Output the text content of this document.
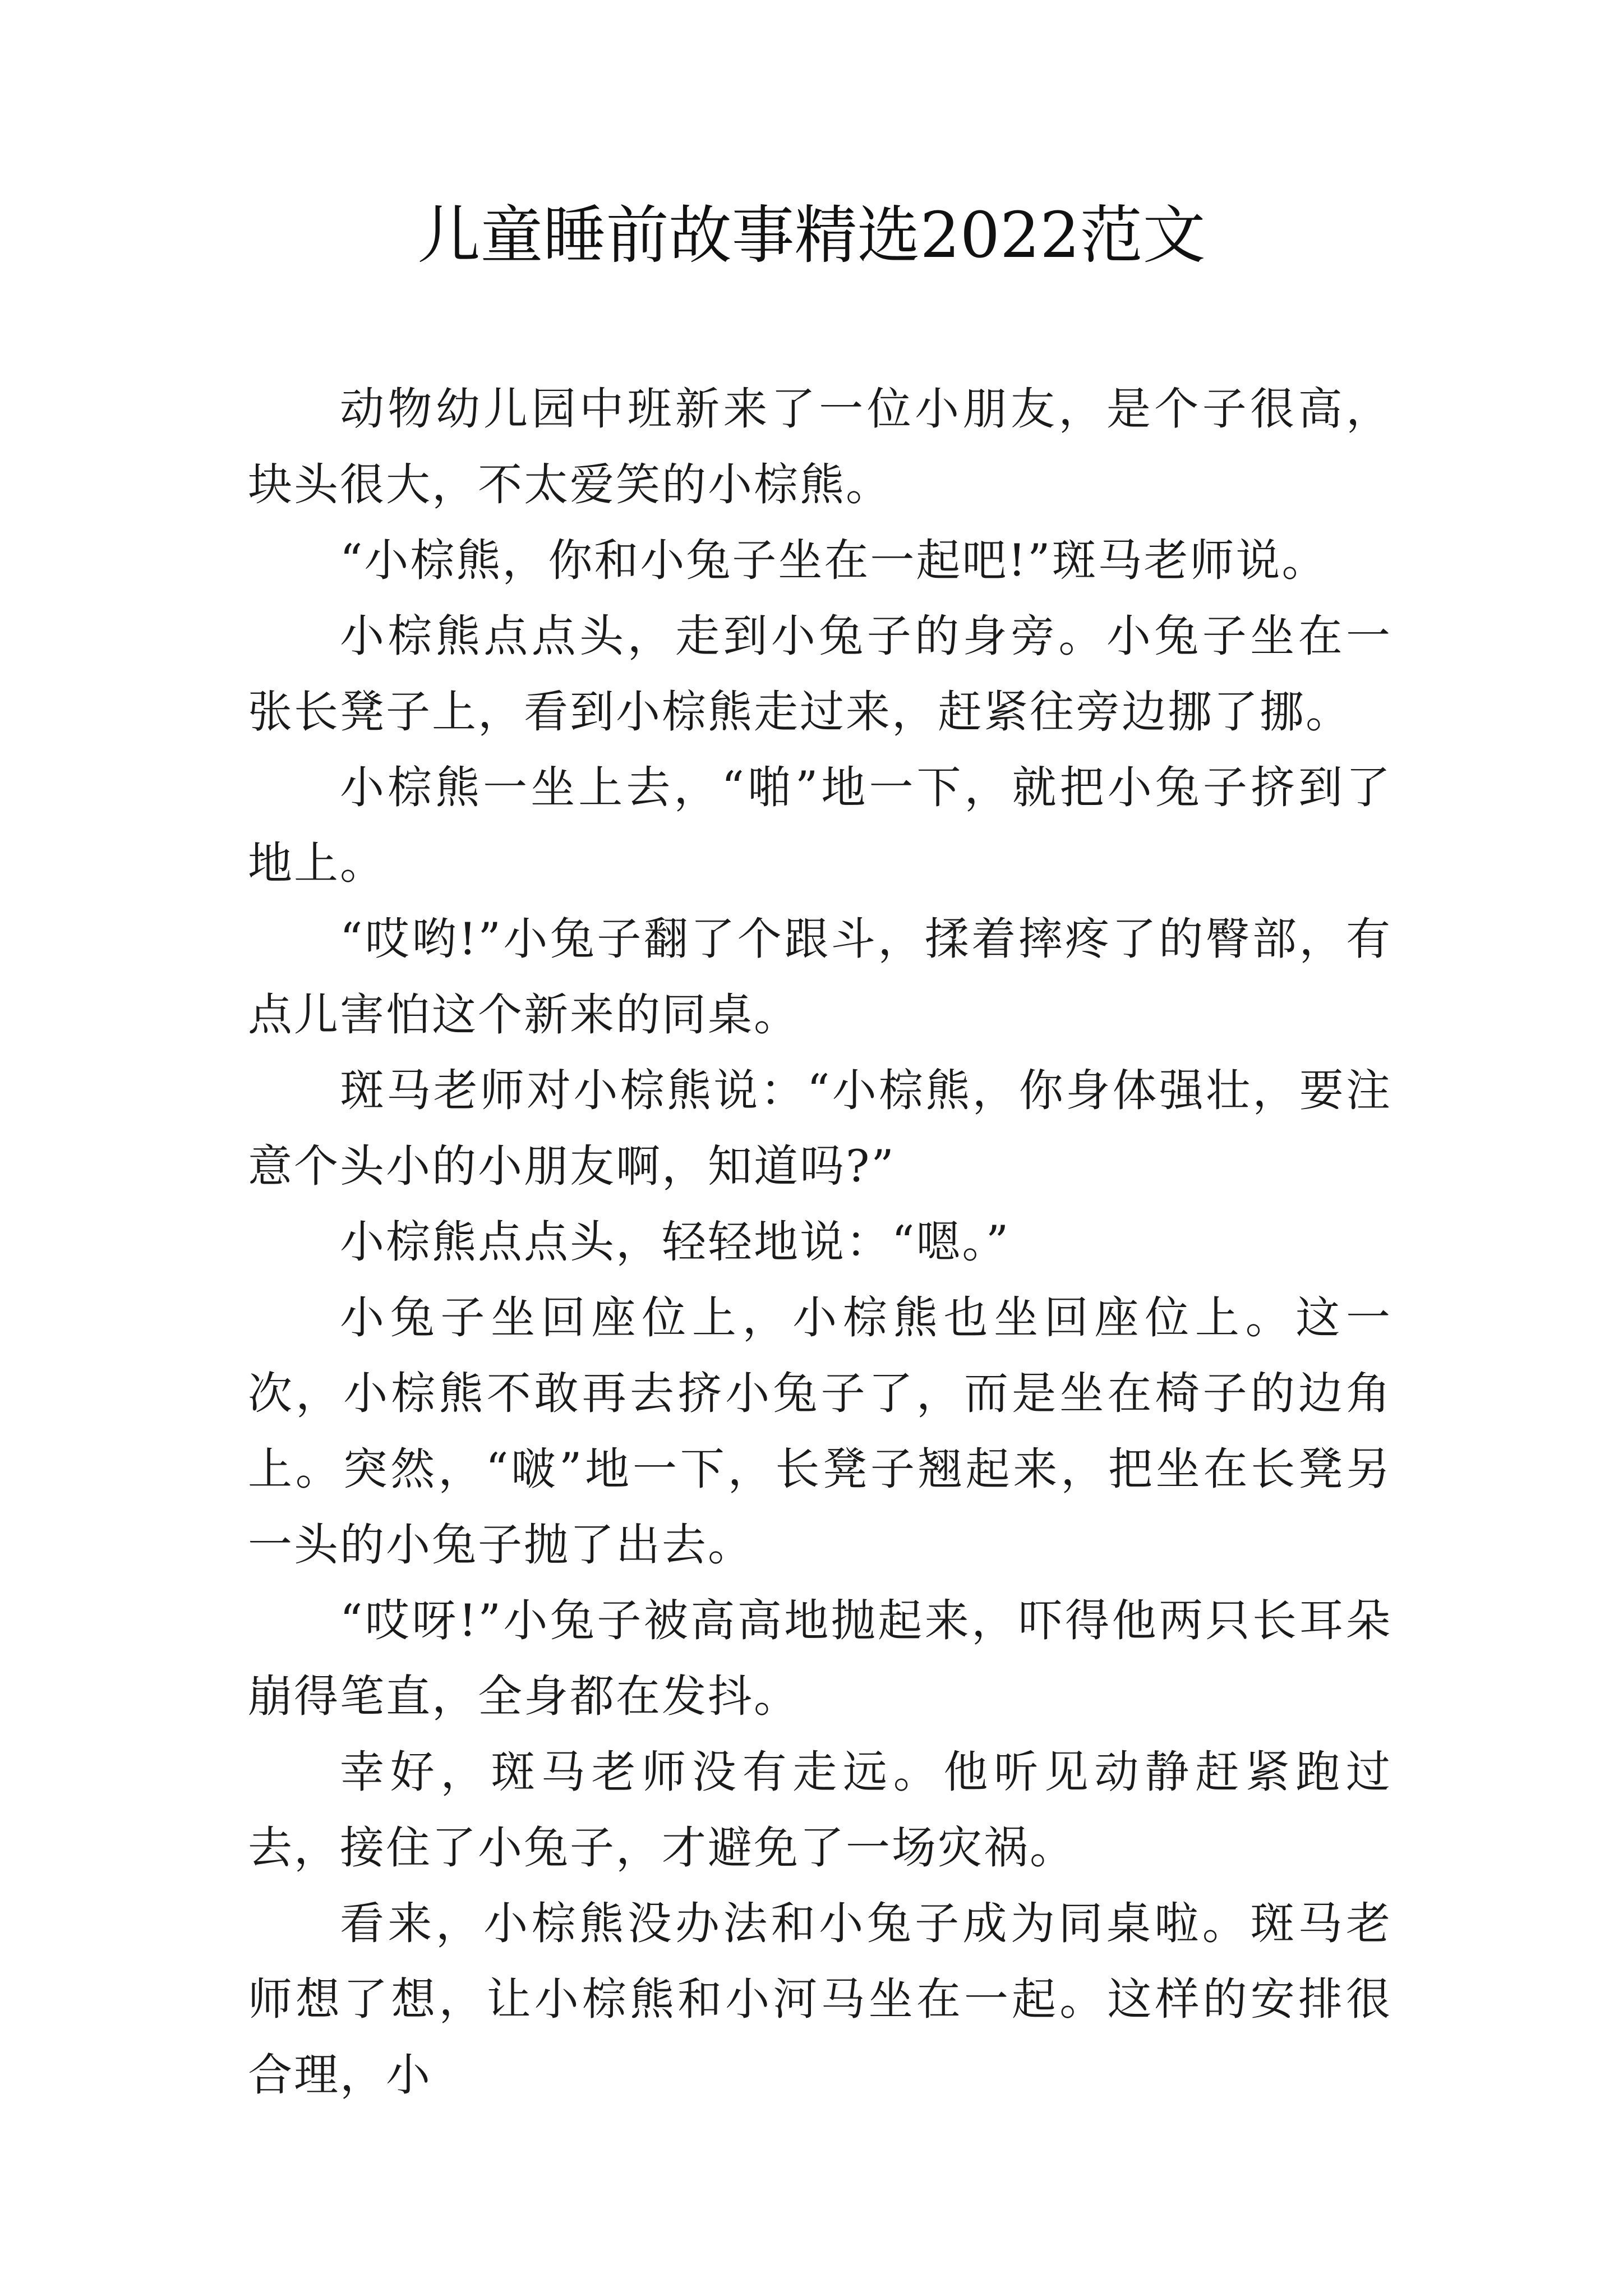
儿童睡前故事精选2022范文

动物幼儿园中班新来了一位小朋友，是个子很高，块头很大，不太爱笑的小棕熊。

“小棕熊，你和小兔子坐在一起吧!”斑马老师说。

小棕熊点点头，走到小兔子的身旁。小兔子坐在一张长凳子上，看到小棕熊走过来，赶紧往旁边挪了挪。

小棕熊一坐上去，“啪”地一下，就把小兔子挤到了地上。

“哎哟!”小兔子翻了个跟斗，揉着摔疼了的臀部，有点儿害怕这个新来的同桌。

斑马老师对小棕熊说：“小棕熊，你身体强壮，要注意个头小的小朋友啊，知道吗?”

小棕熊点点头，轻轻地说：“嗯。”

小兔子坐回座位上，小棕熊也坐回座位上。这一次，小棕熊不敢再去挤小兔子了，而是坐在椅子的边角上。突然，“啵”地一下，长凳子翘起来，把坐在长凳另一头的小兔子抛了出去。

“哎呀!”小兔子被高高地抛起来，吓得他两只长耳朵崩得笔直，全身都在发抖。

幸好，斑马老师没有走远。他听见动静赶紧跑过去，接住了小兔子，才避免了一场灾祸。

看来，小棕熊没办法和小兔子成为同桌啦。斑马老师想了想，让小棕熊和小河马坐在一起。这样的安排很合理，小
